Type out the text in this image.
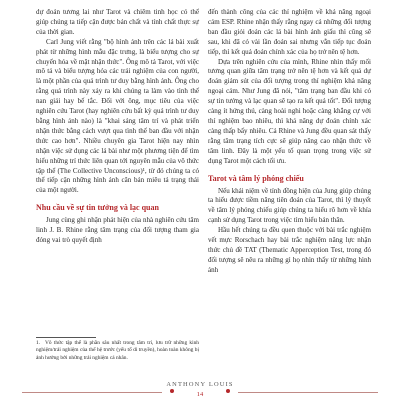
dự đoán tương lai như Tarot và chiêm tinh học có thể giúp chúng ta tiếp cận được bản chất và tính chất thực sự của thời gian.

Carl Jung viết rằng "bộ hình ảnh trên các lá bài xuất phát từ những hình mẫu đặc trưng, là biểu tượng cho sự chuyển hóa về mặt nhận thức". Ông mô tả Tarot, với việc mô tả và biểu tượng hóa các trải nghiệm của con người, là một phần của quá trình tư duy bằng hình ảnh. Ông cho rằng quá trình này xảy ra khi chúng ta làm vào tình thế nan giải hay bế tắc. Đối với ông, mục tiêu của việc nghiên cứu Tarot (hay nghiên cứu bất kỳ quá trình tư duy bằng hình ảnh nào) là "khai sáng tâm trí và phát triển nhận thức bằng cách vượt qua tình thế ban đầu với nhận thức cao hơn". Nhiều chuyên gia Tarot hiện nay nhìn nhận việc sử dụng các lá bài như một phương tiện để tìm hiểu những trí thức liên quan tới nguyên mẫu của vô thức tập thể (The Collective Unconscious)¹, từ đó chúng ta có thể tiếp cận những hình ảnh căn bản miêu tả trạng thái của một người.

Nhu cầu về sự tin tưởng và lạc quan

Jung cùng ghi nhận phát hiện của nhà nghiên cứu tâm linh J. B. Rhine rằng tâm trạng của đối tượng tham gia đóng vai trò quyết định

đến thành công của các thí nghiệm về khả năng ngoại cảm ESP. Rhine nhận thấy rằng ngay cả những đối tượng ban đầu giỏi đoán các lá bài hình ảnh giấu thì cũng sẽ sau, khi đã có vài lần đoán sai nhưng vẫn tiếp tục đoán tiếp, thì kết quả đoán chính xác của họ trở nên tệ hơn.

Dựa trên nghiên cứu của mình, Rhine nhìn thấy mối tương quan giữa tâm trạng trở nên tệ hơn và kết quả dự đoán giảm sút của đối tượng trong thí nghiệm khả năng ngoại cảm. Như Jung đã nói, "tâm trạng ban đầu khi có sự tin tưởng và lạc quan sẽ tạo ra kết quả tốt". Đối tượng càng ít hứng thú, càng hoài nghi hoặc càng khẳng cự với thí nghiệm bao nhiêu, thì khả năng dự đoán chính xác càng thấp bấy nhiêu. Cả Rhine và Jung đều quan sát thấy rằng tâm trạng tích cực sẽ giúp nâng cao nhận thức về tâm linh. Đây là một yếu tố quan trọng trong việc sử dụng Tarot một cách tối ưu.

Tarot và tâm lý phóng chiếu

Nếu khái niệm về tính đồng hiện của Jung giúp chúng ta hiểu được tiềm năng tiên đoán của Tarot, thì lý thuyết về tâm lý phóng chiếu giúp chúng ta hiểu rõ hơn về khía cạnh sử dụng Tarot trong việc tìm hiểu bản thân.

Hầu hết chúng ta đều quen thuộc với bài trắc nghiệm vết mực Rorschach hay bài trắc nghiệm năng lực nhận thức chủ đề TAT (Thematic Apperception Test, trong đó đối tượng sẽ nêu ra những gì họ nhìn thấy từ những hình ảnh

1. Vô thức tập thể là phần sâu nhất trong tâm trí, lưu trữ những kinh nghiệm/trải nghiệm của thế hệ trước (yếu tố di truyền), hoàn toàn không bị ảnh hưởng bởi những trải nghiệm cá nhân.
ANTHONY LOUIS
14
